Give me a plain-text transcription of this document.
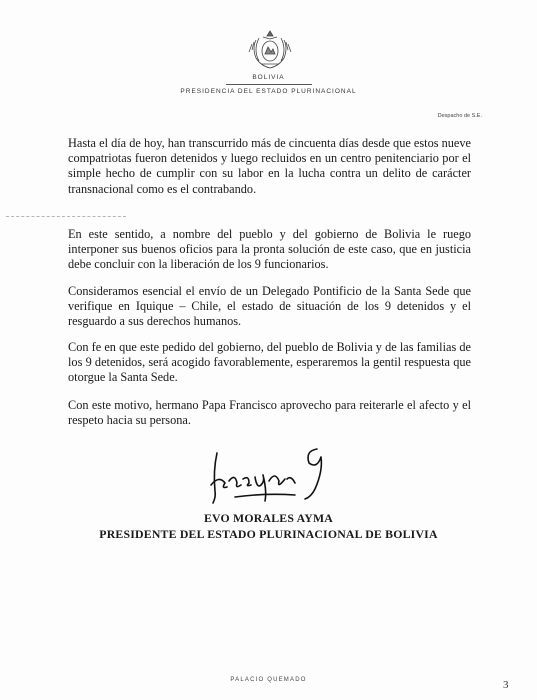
BOLIVIA
PRESIDENCIA DEL ESTADO PLURINACIONAL
Despacho de S.E.

Hasta el día de hoy, han transcurrido más de cincuenta días desde que estos nueve compatriotas fueron detenidos y luego recluidos en un centro penitenciario por el simple hecho de cumplir con su labor en la lucha contra un delito de carácter transnacional como es el contrabando.

En este sentido, a nombre del pueblo y del gobierno de Bolivia le ruego interponer sus buenos oficios para la pronta solución de este caso, que en justicia debe concluir con la liberación de los 9 funcionarios.

Consideramos esencial el envío de un Delegado Pontificio de la Santa Sede que verifique en Iquique – Chile, el estado de situación de los 9 detenidos y el resguardo a sus derechos humanos.

Con fe en que este pedido del gobierno, del pueblo de Bolivia y de las familias de los 9 detenidos, será acogido favorablemente, esperaremos la gentil respuesta que otorgue la Santa Sede.

Con este motivo, hermano Papa Francisco aprovecho para reiterarle el afecto y el respeto hacia su persona.

EVO MORALES AYMA
PRESIDENTE DEL ESTADO PLURINACIONAL DE BOLIVIA
PALACIO QUEMADO	3
